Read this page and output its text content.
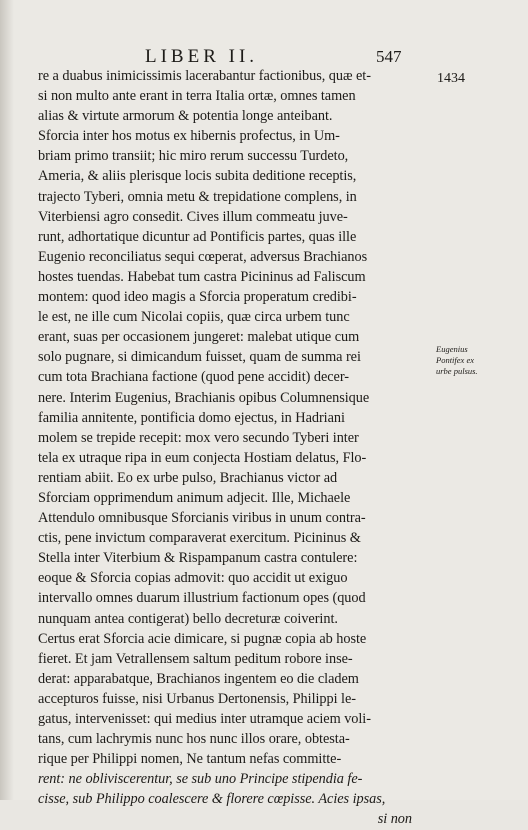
LIBER II.	547
1434
Eugenius
Pontifex ex
urbe pulsus.
re a duabus inimicissimis lacerabantur factionibus, quæ et-
si non multo ante erant in terra Italia ortæ, omnes tamen
alias & virtute armorum & potentia longe anteibant.
Sforcia inter hos motus ex hibernis profectus, in Um-
briam primo transiit; hic miro rerum successu Turdeto,
Ameria, & aliis plerisque locis subita deditione receptis,
trajecto Tyberi, omnia metu & trepidatione complens, in
Viterbiensi agro consedit. Cives illum commeatu juve-
runt, adhortatique dicuntur ad Pontificis partes, quas ille
Eugenio reconciliatus sequi cœperat, adversus Brachianos
hostes tuendas. Habebat tum castra Picininus ad Faliscum
montem: quod ideo magis a Sforcia properatum credibi-
le est, ne ille cum Nicolai copiis, quæ circa urbem tunc
erant, suas per occasionem jungeret: malebat utique cum
solo pugnare, si dimicandum fuisset, quam de summa rei
cum tota Brachiana factione (quod pene accidit) decer-
nere. Interim Eugenius, Brachianis opibus Columnensique
familia annitente, pontificia domo ejectus, in Hadriani
molem se trepide recepit: mox vero secundo Tyberi inter
tela ex utraque ripa in eum conjecta Hostiam delatus, Flo-
rentiam abiit. Eo ex urbe pulso, Brachianus victor ad
Sforciam opprimendum animum adjecit. Ille, Michaele
Attendulo omnibusque Sforcianis viribus in unum contra-
ctis, pene invictum comparaverat exercitum. Picininus &
Stella inter Viterbium & Rispampanum castra contulere:
eoque & Sforcia copias admovit: quo accidit ut exiguo
intervallo omnes duarum illustrium factionum opes (quod
nunquam antea contigerat) bello decreturæ coiverint.
Certus erat Sforcia acie dimicare, si pugnæ copia ab hoste
fieret. Et jam Vetrallensem saltum peditum robore inse-
derat: apparabatque, Brachianos ingentem eo die cladem
accepturos fuisse, nisi Urbanus Dertonensis, Philippi le-
gatus, intervenisset: qui medius inter utramque aciem voli-
tans, cum lachrymis nunc hos nunc illos orare, obtesta-
rique per Philippi nomen, Ne tantum nefas committe-
rent: ne obliviscerentur, se sub uno Principe stipendia fe-
cisse, sub Philippo coalescere & florere cœpisse. Acies ipsas,
si non
